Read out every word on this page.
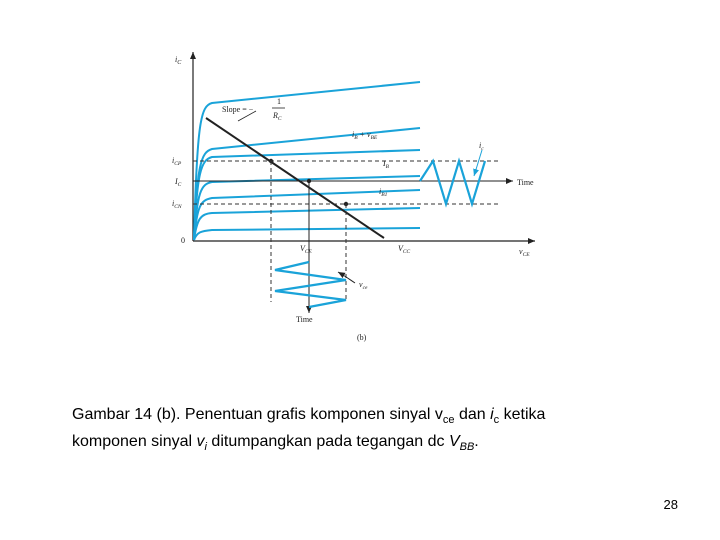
$i_C$
Slope = −
1
$R_C$
$i_B + v_{BE}$
$I_B$
$i_{B1}$
$i_c$
$i_{CP}$
$I_C$
$i_{CN}$
0
$V_{CE}$	$V_{CC}$	$v_{CE}$
Time
Time
$v_{ce}$
(b)
Gambar 14 (b). Penentuan grafis komponen sinyal $v_{ce}$ dan $i_c$ ketika
komponen sinyal $v_i$ ditumpangkan pada tegangan dc $V_{BB}$.
28
